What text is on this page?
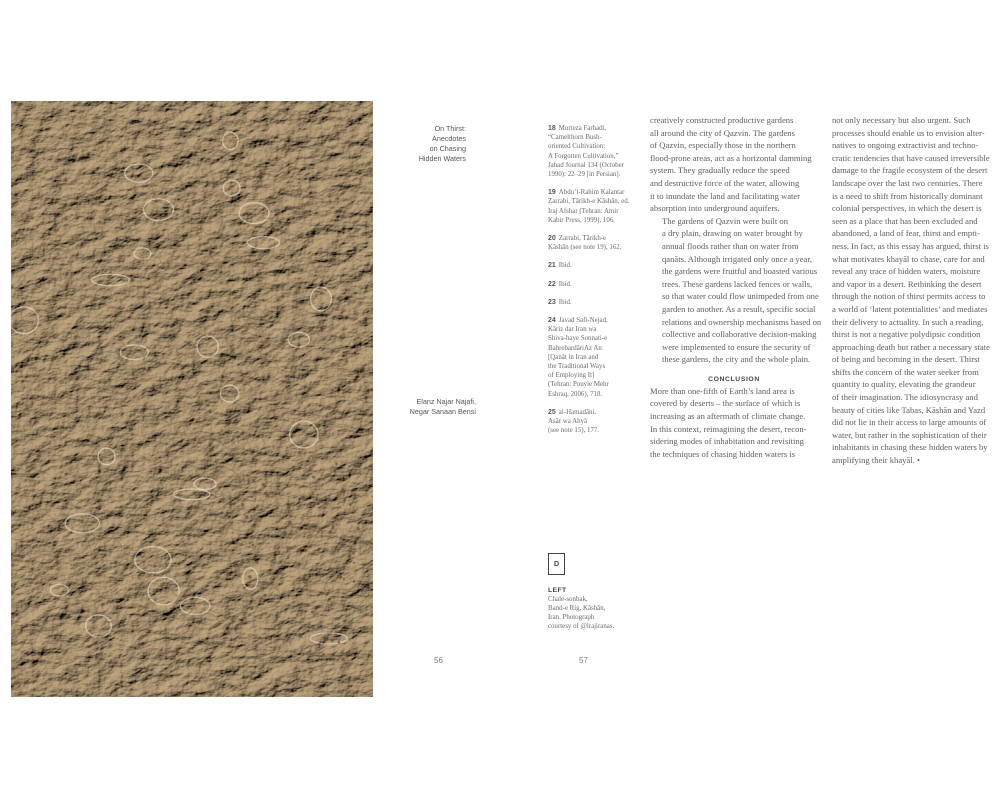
On Thirst:
Anecdotes
on Chasing
Hidden Waters
Elanz Najar Najafi,
Negar Sanaan Bensi
18 Morteza Farhadi,
“Camelthorn Bush-
oriented Cultivation:
A Forgotten Cultivation,”
Jahad Journal 134 (October
1990): 22–29 [in Persian].
19 Abdu’l-Rahim Kalantar
Zarrabi, Tārikh-e Kāshān, ed.
Iraj Afshar (Tehran: Amir
Kabir Press, 1999), 106.
20 Zarrabi, Tārikh-e
Kāshān (see note 19), 162.
21 Ibid.
22 Ibid.
23 Ibid.
24 Javad Safi-Nejad,
Kāriz dar Iran wa
Shiva-haye Sonnati-e
BahrebardāriAz An
[Qanāt in Iran and
the Traditional Ways
of Employing It]
(Tehran: Pouyie Mehr
Eshraq, 2006), 718.
25 al-Hamadāni,
Asār wa Ahyā
(see note 15), 177.
D
LEFT
Chale-sonbak,
Band-e Rig, Kāshān,
Iran. Photograph
courtesy of @lrajiranas.
56	57
creatively constructed productive gardens
all around the city of Qazvin. The gardens
of Qazvin, especially those in the northern
flood-prone areas, act as a horizontal damming
system. They gradually reduce the speed
and destructive force of the water, allowing
it to inundate the land and facilitating water
absorption into underground aquifers.
The gardens of Qazvin were built on
a dry plain, drawing on water brought by
annual floods rather than on water from
qanāts. Although irrigated only once a year,
the gardens were fruitful and boasted various
trees. These gardens lacked fences or walls,
so that water could flow unimpeded from one
garden to another. As a result, specific social
relations and ownership mechanisms based on
collective and collaborative decision-making
were implemented to ensure the security of
these gardens, the city and the whole plain.
CONCLUSION
More than one-fifth of Earth’s land area is
covered by deserts – the surface of which is
increasing as an aftermath of climate change.
In this context, reimagining the desert, recon-
sidering modes of inhabitation and revisiting
the techniques of chasing hidden waters is
not only necessary but also urgent. Such
processes should enable us to envision alter-
natives to ongoing extractivist and techno-
cratic tendencies that have caused irreversible
damage to the fragile ecosystem of the desert
landscape over the last two centuries. There
is a need to shift from historically dominant
colonial perspectives, in which the desert is
seen as a place that has been excluded and
abandoned, a land of fear, thirst and empti-
ness. In fact, as this essay has argued, thirst is
what motivates khayāl to chase, care for and
reveal any trace of hidden waters, moisture
and vapor in a desert. Rethinking the desert
through the notion of thirst permits access to
a world of ‘latent potentialities’ and mediates
their delivery to actuality. In such a reading,
thirst is not a negative polydipsic condition
approaching death but rather a necessary state
of being and becoming in the desert. Thirst
shifts the concern of the water seeker from
quantity to quality, elevating the grandeur
of their imagination. The idiosyncrasy and
beauty of cities like Tabas, Kāshān and Yazd
did not lie in their access to large amounts of
water, but rather in the sophistication of their
inhabitants in chasing these hidden waters by
amplifying their khayāl. •
